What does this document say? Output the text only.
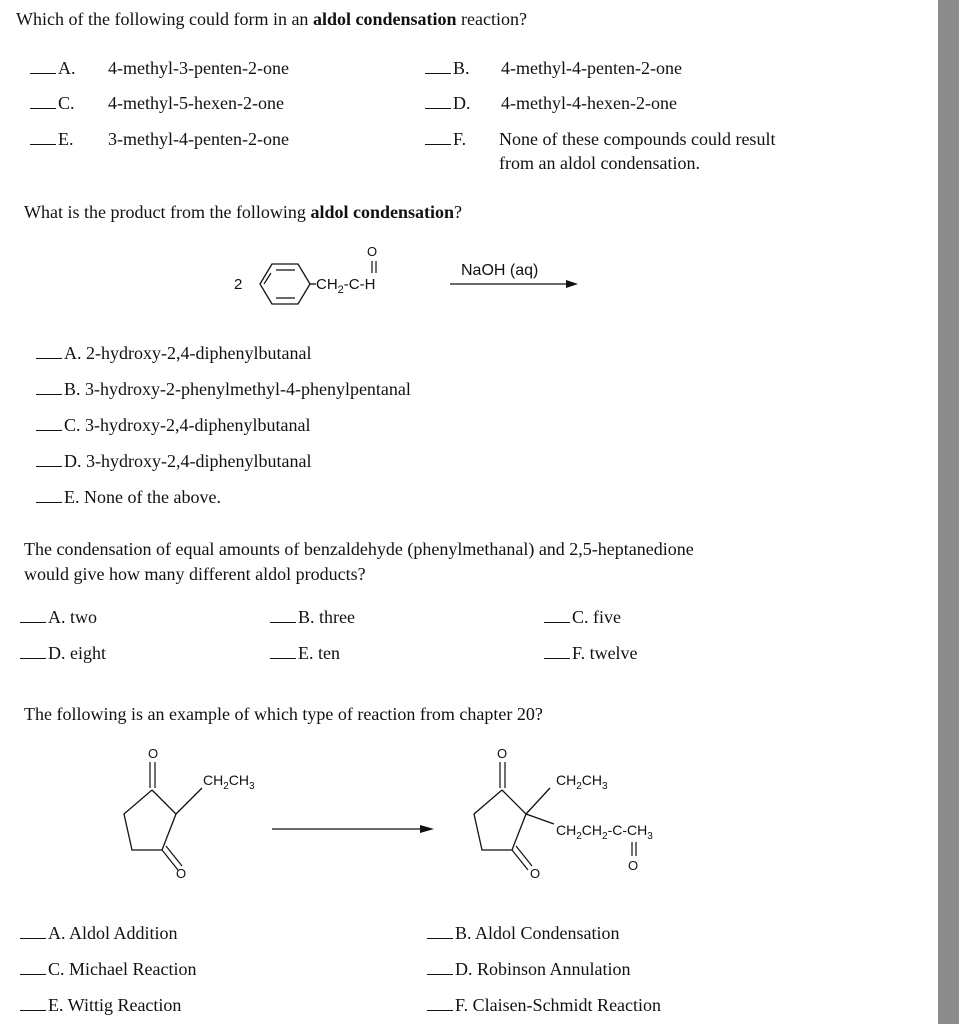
Which of the following could form in an aldol condensation reaction?
A. 4-methyl-3-penten-2-one	B. 4-methyl-4-penten-2-one
C. 4-methyl-5-hexen-2-one	D. 4-methyl-4-hexen-2-one
E. 3-methyl-4-penten-2-one	F. None of these compounds could result
from an aldol condensation.
What is the product from the following aldol condensation?
2	$CH_2-C-H$
O
NaOH (aq)
A. 2-hydroxy-2,4-diphenylbutanal
B. 3-hydroxy-2-phenylmethyl-4-phenylpentanal
C. 3-hydroxy-2,4-diphenylbutanal
D. 3-hydroxy-2,4-diphenylbutanal
E. None of the above.
The condensation of equal amounts of benzaldehyde (phenylmethanal) and 2,5-heptanedione
would give how many different aldol products?
A. two	B. three	C. five
D. eight	E. ten	F. twelve
The following is an example of which type of reaction from chapter 20?
O
O
$CH_2CH_3$
O
O
$CH_2CH_3$
$CH_2CH_2-C-CH_3$
O
A. Aldol Addition	B. Aldol Condensation
C. Michael Reaction	D. Robinson Annulation
E. Wittig Reaction	F. Claisen-Schmidt Reaction
